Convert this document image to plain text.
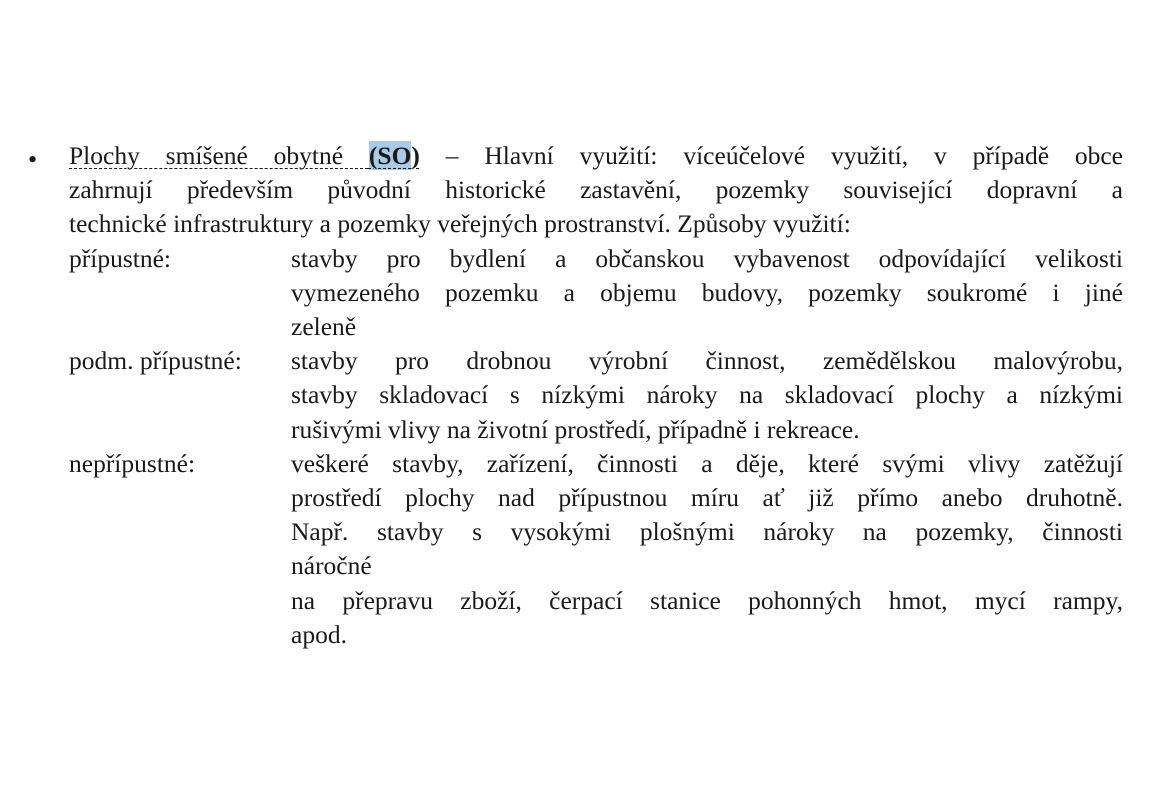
• Plochy smíšené obytné (SO) – Hlavní využití: víceúčelové využití, v případě obce
zahrnují především původní historické zastavění, pozemky související dopravní a
technické infrastruktury a pozemky veřejných prostranství. Způsoby využití:
přípustné:	stavby pro bydlení a občanskou vybavenost odpovídající velikosti
vymezeného pozemku a objemu budovy, pozemky soukromé i jiné
zeleně
podm. přípustné:	stavby pro drobnou výrobní činnost, zemědělskou malovýrobu,
stavby skladovací s nízkými nároky na skladovací plochy a nízkými
rušivými vlivy na životní prostředí, případně i rekreace.
nepřípustné:	veškeré stavby, zařízení, činnosti a děje, které svými vlivy zatěžují
prostředí plochy nad přípustnou míru ať již přímo anebo druhotně.
Např. stavby s vysokými plošnými nároky na pozemky, činnosti
náročné
na přepravu zboží, čerpací stanice pohonných hmot, mycí rampy,
apod.
